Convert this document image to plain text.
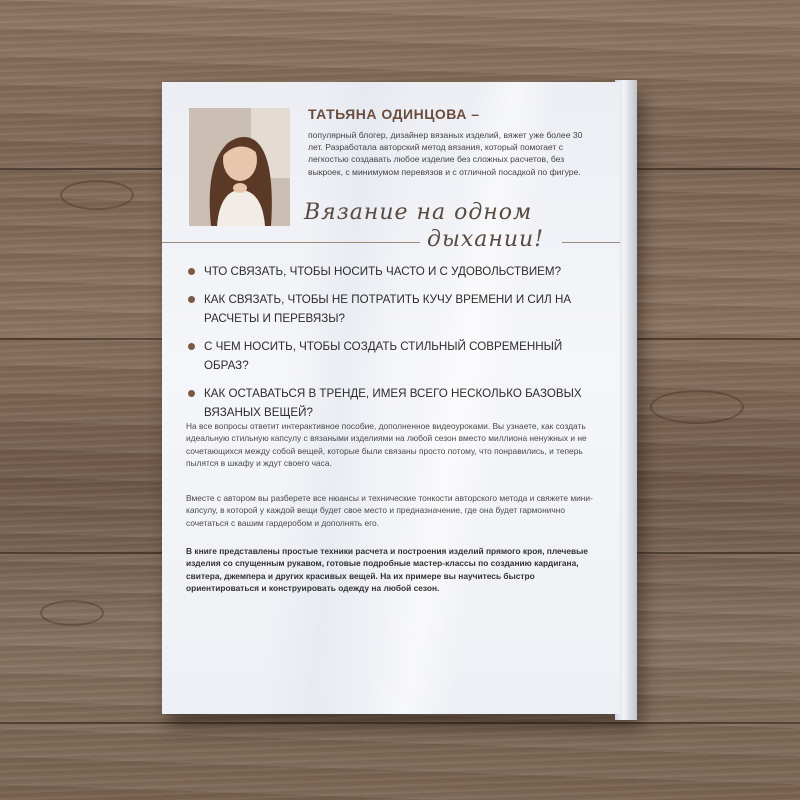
ТАТЬЯНА ОДИНЦОВА –
популярный блогер, дизайнер вязаных изделий, вяжет уже более 30 лет. Разработала авторский метод вязания, который помогает с легкостью создавать любое изделие без сложных расчетов, без выкроек, с минимумом перевязов и с отличной посадкой по фигуре.
Вязание на одном
дыхании!
ЧТО СВЯЗАТЬ, ЧТОБЫ НОСИТЬ ЧАСТО И С УДОВОЛЬСТВИЕМ?
КАК СВЯЗАТЬ, ЧТОБЫ НЕ ПОТРАТИТЬ КУЧУ ВРЕМЕНИ И СИЛ НА РАСЧЕТЫ И ПЕРЕВЯЗЫ?
С ЧЕМ НОСИТЬ, ЧТОБЫ СОЗДАТЬ СТИЛЬНЫЙ СОВРЕМЕННЫЙ ОБРАЗ?
КАК ОСТАВАТЬСЯ В ТРЕНДЕ, ИМЕЯ ВСЕГО НЕСКОЛЬКО БАЗОВЫХ ВЯЗАНЫХ ВЕЩЕЙ?
На все вопросы ответит интерактивное пособие, дополненное видеоуроками. Вы узнаете, как создать идеальную стильную капсулу с вязаными изделиями на любой сезон вместо миллиона ненужных и не сочетающихся между собой вещей, которые были связаны просто потому, что понравились, и теперь пылятся в шкафу и ждут своего часа.
Вместе с автором вы разберете все нюансы и технические тонкости авторского метода и свяжете мини-капсулу, в которой у каждой вещи будет свое место и предназначение, где она будет гармонично сочетаться с вашим гардеробом и дополнять его.
В книге представлены простые техники расчета и построения изделий прямого кроя, плечевые изделия со спущенным рукавом, готовые подробные мастер-классы по созданию кардигана, свитера, джемпера и других красивых вещей. На их примере вы научитесь быстро ориентироваться и конструировать одежду на любой сезон.
